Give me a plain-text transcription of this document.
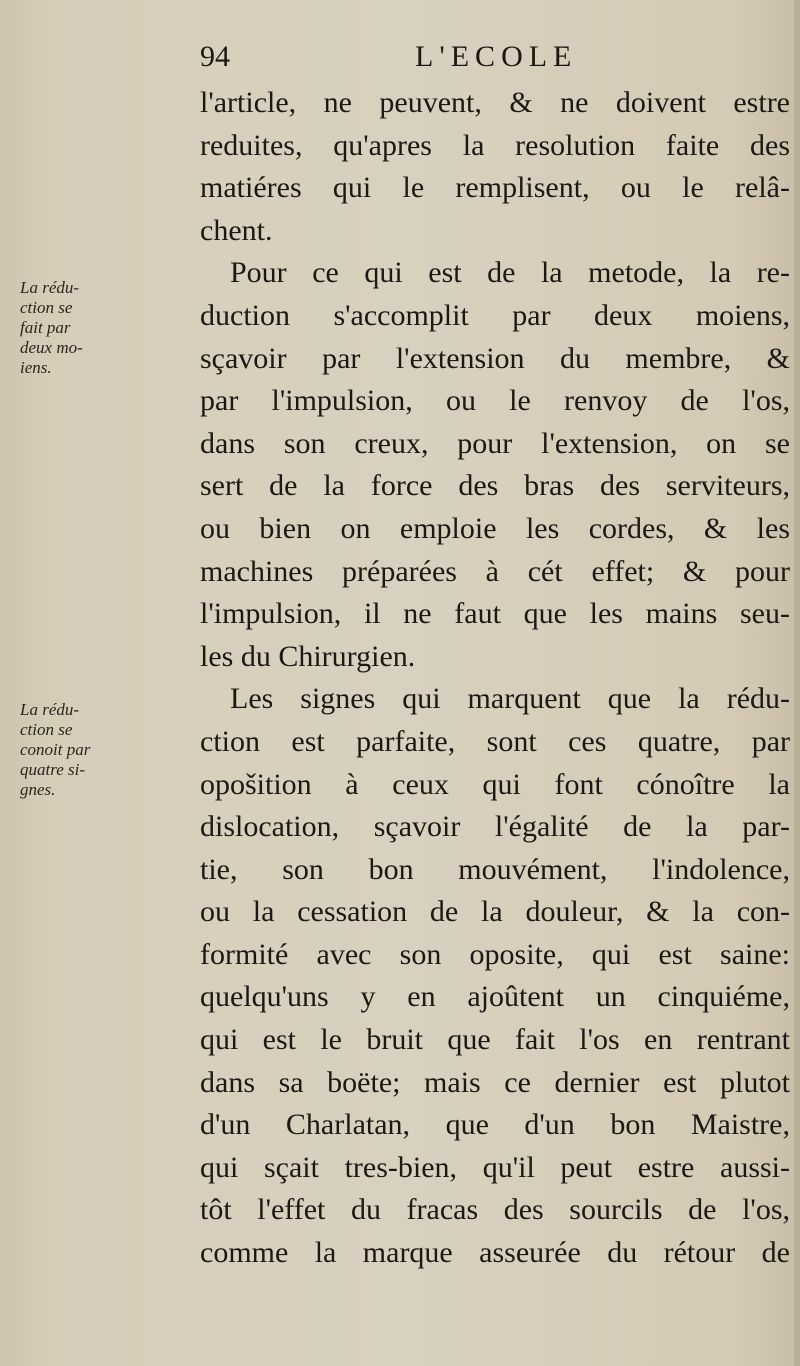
94	L'ECOLE
La rédu-
ction se
fait par
deux mo-
iens.
La rédu-
ction se
conoit par
quatre si-
gnes.
l'article, ne peuvent, & ne doivent estre
reduites, qu'apres la resolution faite des
matiéres qui le remplisent, ou le relâ-
chent.
Pour ce qui est de la metode, la re-
duction s'accomplit par deux moiens,
sçavoir par l'extension du membre, &
par l'impulsion, ou le renvoy de l'os,
dans son creux, pour l'extension, on se
sert de la force des bras des serviteurs,
ou bien on emploie les cordes, & les
machines préparées à cét effet; & pour
l'impulsion, il ne faut que les mains seu-
les du Chirurgien.
Les signes qui marquent que la rédu-
ction est parfaite, sont ces quatre, par
opošition à ceux qui font cónoître la
dislocation, sçavoir l'égalité de la par-
tie, son bon mouvément, l'indolence,
ou la cessation de la douleur, & la con-
formité avec son oposite, qui est saine:
quelqu'uns y en ajoûtent un cinquiéme,
qui est le bruit que fait l'os en rentrant
dans sa boëte; mais ce dernier est plutot
d'un Charlatan, que d'un bon Maistre,
qui sçait tres-bien, qu'il peut estre aussi-
tôt l'effet du fracas des sourcils de l'os,
comme la marque asseurée du rétour de
